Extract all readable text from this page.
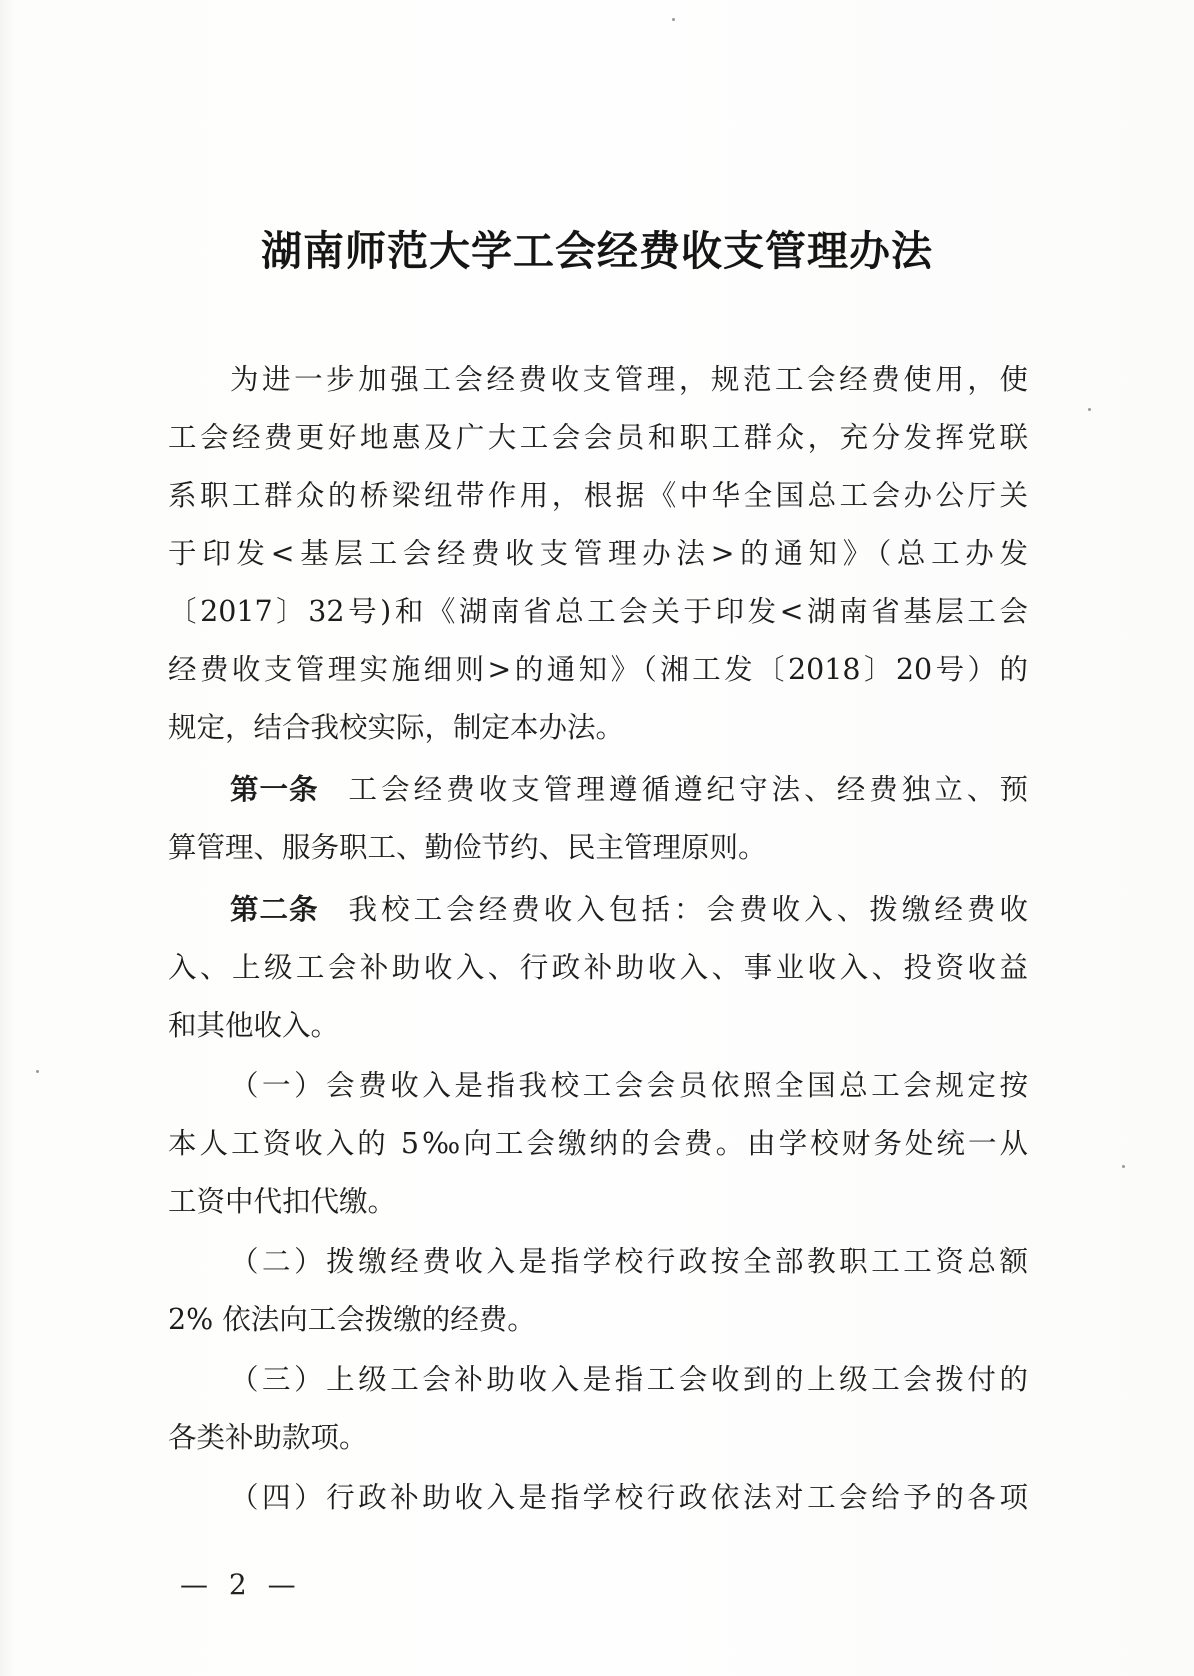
湖南师范大学工会经费收支管理办法
为进一步加强工会经费收支管理，规范工会经费使用，使
工会经费更好地惠及广大工会会员和职工群众，充分发挥党联
系职工群众的桥梁纽带作用，根据《中华全国总工会办公厅关
于印发<基层工会经费收支管理办法>的通知》（总工办发
〔2017〕32号)和《湖南省总工会关于印发<湖南省基层工会
经费收支管理实施细则>的通知》（湘工发〔2018〕20号）的
规定，结合我校实际，制定本办法。
第一条 工会经费收支管理遵循遵纪守法、经费独立、预
算管理、服务职工、勤俭节约、民主管理原则。
第二条 我校工会经费收入包括：会费收入、拨缴经费收
入、上级工会补助收入、行政补助收入、事业收入、投资收益
和其他收入。
（一）会费收入是指我校工会会员依照全国总工会规定按
本人工资收入的 5‰向工会缴纳的会费。由学校财务处统一从
工资中代扣代缴。
（二）拨缴经费收入是指学校行政按全部教职工工资总额
2% 依法向工会拨缴的经费。
（三）上级工会补助收入是指工会收到的上级工会拨付的
各类补助款项。
（四）行政补助收入是指学校行政依法对工会给予的各项
— 2 —
